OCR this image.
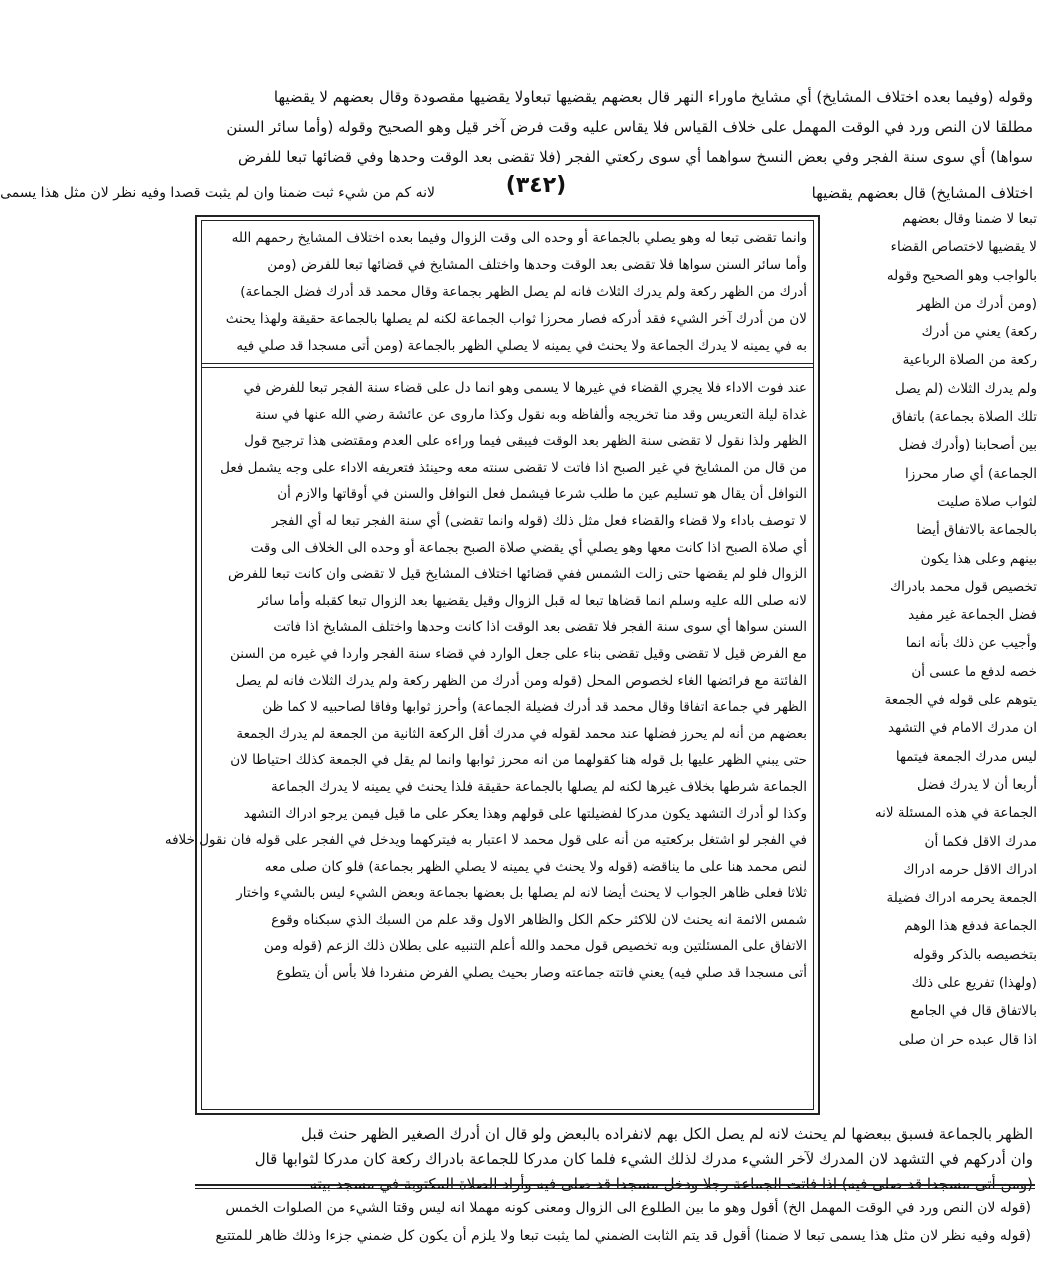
وقوله (وفيما بعده اختلاف المشايخ) أي مشايخ ماوراء النهر قال بعضهم يقضيها تبعاولا يقضيها مقصودة وقال بعضهم لا يقضيها

مطلقا لان النص ورد في الوقت المهمل على خلاف القياس فلا يقاس عليه وقت فرض آخر قيل وهو الصحيح وقوله (وأما سائر السنن

سواها) أي سوى سنة الفجر وفي بعض النسخ سواهما أي سوى ركعتي الفجر (فلا تقضى بعد الوقت وحدها وفي قضائها تبعا للفرض

اختلاف المشايخ) قال بعضهم يقضيها
(٣٤٢)
لانه كم من شيء ثبت ضمنا وان لم يثبت قصدا وفيه نظر لان مثل هذا يسمى

وانما تقضى تبعا له وهو يصلي بالجماعة أو وحده الى وقت الزوال وفيما بعده اختلاف المشايخ رحمهم الله

وأما سائر السنن سواها فلا تقضى بعد الوقت وحدها واختلف المشايخ في قضائها تبعا للفرض (ومن

أدرك من الظهر ركعة ولم يدرك الثلاث فانه لم يصل الظهر بجماعة وقال محمد قد أدرك فضل الجماعة)

لان من أدرك آخر الشيء فقد أدركه فصار محرزا ثواب الجماعة لكنه لم يصلها بالجماعة حقيقة ولهذا يحنث

به في يمينه لا يدرك الجماعة ولا يحنث في يمينه لا يصلي الظهر بالجماعة (ومن أتى مسجدا قد صلي فيه

عند فوت الاداء فلا يجري القضاء في غيرها لا يسمى وهو انما دل على قضاء سنة الفجر تبعا للفرض في

غداة ليلة التعريس وقد منا تخريجه وألفاظه وبه نقول وكذا ماروى عن عائشة رضي الله عنها في سنة

الظهر ولذا نقول لا تقضى سنة الظهر بعد الوقت فيبقى فيما وراءه على العدم ومقتضى هذا ترجيح قول

من قال من المشايخ في غير الصبح اذا فاتت لا تقضى سنته معه وحينئذ فتعريفه الاداء على وجه يشمل فعل

النوافل أن يقال هو تسليم عين ما طلب شرعا فيشمل فعل النوافل والسنن في أوقاتها والازم أن

لا توصف باداء ولا قضاء والقضاء فعل مثل ذلك (قوله وانما تقضى) أي سنة الفجر تبعا له أي الفجر

أي صلاة الصبح اذا كانت معها وهو يصلي أي يقضي صلاة الصبح بجماعة أو وحده الى الخلاف الى وقت

الزوال فلو لم يقضها حتى زالت الشمس ففي قضائها اختلاف المشايخ قيل لا تقضى وان كانت تبعا للفرض

لانه صلى الله عليه وسلم انما قضاها تبعا له قبل الزوال وقيل يقضيها بعد الزوال تبعا كقبله وأما سائر

السنن سواها أي سوى سنة الفجر فلا تقضى بعد الوقت اذا كانت وحدها واختلف المشايخ اذا فاتت

مع الفرض قيل لا تقضى وقيل تقضى بناء على جعل الوارد في قضاء سنة الفجر واردا في غيره من السنن

الفائتة مع فرائضها الغاء لخصوص المحل (قوله ومن أدرك من الظهر ركعة ولم يدرك الثلاث فانه لم يصل

الظهر في جماعة اتفاقا وقال محمد قد أدرك فضيلة الجماعة) وأحرز ثوابها وفاقا لصاحبيه لا كما ظن

بعضهم من أنه لم يحرز فضلها عند محمد لقوله في مدرك أقل الركعة الثانية من الجمعة لم يدرك الجمعة

حتى يبني الظهر عليها بل قوله هنا كقولهما من انه محرز ثوابها وانما لم يقل في الجمعة كذلك احتياطا لان

الجماعة شرطها بخلاف غيرها لكنه لم يصلها بالجماعة حقيقة فلذا يحنث في يمينه لا يدرك الجماعة

وكذا لو أدرك التشهد يكون مدركا لفضيلتها على قولهم وهذا يعكر على ما قيل فيمن يرجو ادراك التشهد

في الفجر لو اشتغل بركعتيه من أنه على قول محمد لا اعتبار به فيتركهما ويدخل في الفجر على قوله فان نقول خلافه

لنص محمد هنا على ما يناقضه (قوله ولا يحنث في يمينه لا يصلي الظهر بجماعة) فلو كان صلى معه

ثلاثا فعلى ظاهر الجواب لا يحنث أيضا لانه لم يصلها بل بعضها بجماعة وبعض الشيء ليس بالشيء واختار

شمس الائمة انه يحنث لان للاكثر حكم الكل والظاهر الاول وقد علم من السبك الذي سبكناه وقوع

الاتفاق على المسئلتين وبه تخصيص قول محمد والله أعلم التنبيه على بطلان ذلك الزعم (قوله ومن

أتى مسجدا قد صلي فيه) يعني فاتته جماعته وصار بحيث يصلي الفرض منفردا فلا بأس أن يتطوع

تبعا لا ضمنا وقال بعضهم

لا يقضيها لاختصاص القضاء

بالواجب وهو الصحيح وقوله

(ومن أدرك من الظهر

ركعة) يعني من أدرك

ركعة من الصلاة الرباعية

ولم يدرك الثلاث (لم يصل

تلك الصلاة بجماعة) باتفاق

بين أصحابنا (وأدرك فضل

الجماعة) أي صار محرزا

لثواب صلاة صليت

بالجماعة بالاتفاق أيضا

بينهم وعلى هذا يكون

تخصيص قول محمد بادراك

فضل الجماعة غير مفيد

وأجيب عن ذلك بأنه انما

خصه لدفع ما عسى أن

يتوهم على قوله في الجمعة

ان مدرك الامام في التشهد

ليس مدرك الجمعة فيتمها

أربعا أن لا يدرك فضل

الجماعة في هذه المسئلة لانه

مدرك الاقل فكما أن

ادراك الاقل حرمه ادراك

الجمعة يحرمه ادراك فضيلة

الجماعة فدفع هذا الوهم

بتخصيصه بالذكر وقوله

(ولهذا) تفريع على ذلك

بالاتفاق قال في الجامع

اذا قال عبده حر ان صلى

الظهر بالجماعة فسبق ببعضها لم يحنث لانه لم يصل الكل بهم لانفراده بالبعض ولو قال ان أدرك الصغير الظهر حنث قبل

وان أدركهم في التشهد لان المدرك لآخر الشيء مدرك لذلك الشيء فلما كان مدركا للجماعة بادراك ركعة كان مدركا لثوابها قال

(ومن أتى مسجدا قد صلى فيه) اذا فاتت الجماعة رجلا ودخل مسجدا قد صلى فيه وأراد الصلاة المكتوبة في مسجد بيته

(قوله لان النص ورد في الوقت المهمل الخ) أقول وهو ما بين الطلوع الى الزوال ومعنى كونه مهملا انه ليس وقتا الشيء من الصلوات الخمس

(قوله وفيه نظر لان مثل هذا يسمى تبعا لا ضمنا) أقول قد يتم الثابت الضمني لما يثبت تبعا ولا يلزم أن يكون كل ضمني جزءا وذلك ظاهر للمتتبع
